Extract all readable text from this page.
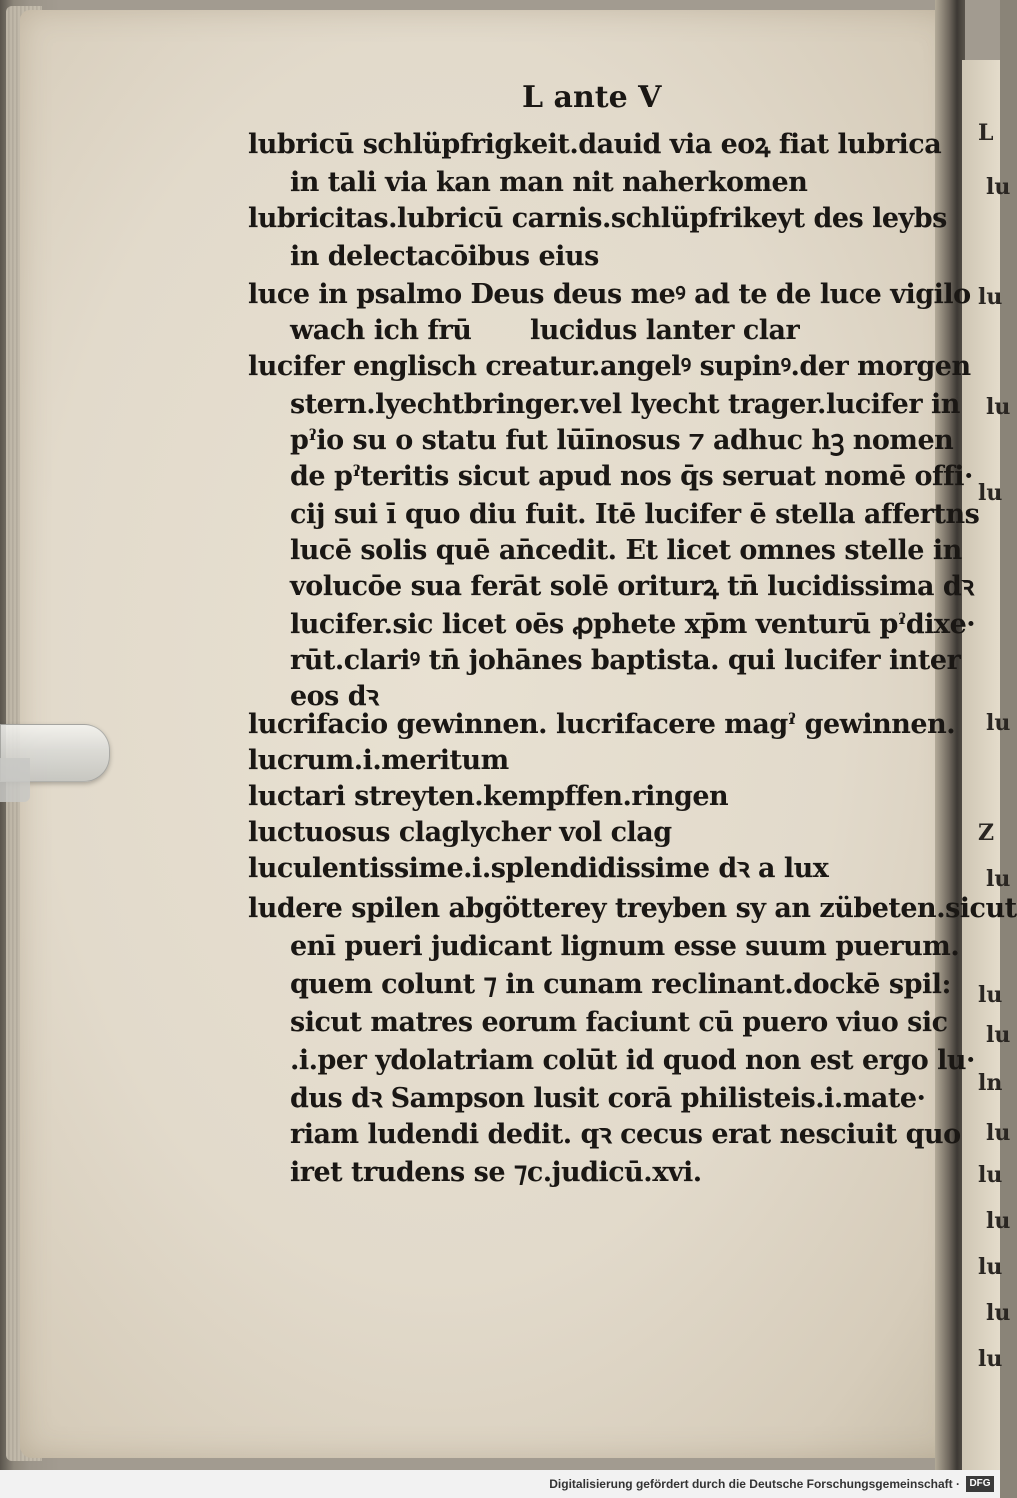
L
lu
lu
lu
lu
lu
Z
lu
lu
lu
ln
lu
lu
lu
lu
lu
lu
L ante V
lubricū schlüpfrigkeit.dauid via eoꝝ fiat lubrica
in tali via kan man nit naherkomen
lubricitas.lubricū carnis.schlüpfrikeyt des leybs
in delectacōibus eius
luce in psalmo Deus deus meꝰ ad te de luce vigilo
wach ich frū lucidus lanter clar
lucifer englisch creatur.angelꝰ supinꝰ.der morgen
stern.lyechtbringer.vel lyecht trager.lucifer in
pˀio su o statu fut lūīnosus ⁊ adhuc hꝫ nomen
de pˀteritis sicut apud nos q̄s seruat nomē offi·
cij sui ī quo diu fuit. Itē lucifer ē stella affertns
lucē solis quē an̄cedit. Et licet omnes stelle in
volucōe sua ferāt solē oriturꝝ tn̄ lucidissima dꝛ
lucifer.sic licet oēs ꝓphete xp̄m venturū pˀdixe·
rūt.clariꝰ tn̄ johānes baptista. qui lucifer inter
eos dꝛ
lucrifacio gewinnen. lucrifacere magˀ gewinnen.
lucrum.i.meritum
luctari streyten.kempffen.ringen
luctuosus claglycher vol clag
luculentissime.i.splendidissime dꝛ a lux
ludere spilen abgötterey treyben sy an zübeten.sicut
enī pueri judicant lignum esse suum puerum.
quem colunt ⁊ in cunam reclinant.dockē spil:
sicut matres eorum faciunt cū puero viuo sic
.i.per ydolatriam colūt id quod non est ergo lu·
dus dꝛ Sampson lusit corā philisteis.i.mate·
riam ludendi dedit. qꝛ cecus erat nesciuit quo
iret trudens se ⁊c.judicū.xvi.
Digitalisierung gefördert durch die Deutsche Forschungsgemeinschaft · DFG
